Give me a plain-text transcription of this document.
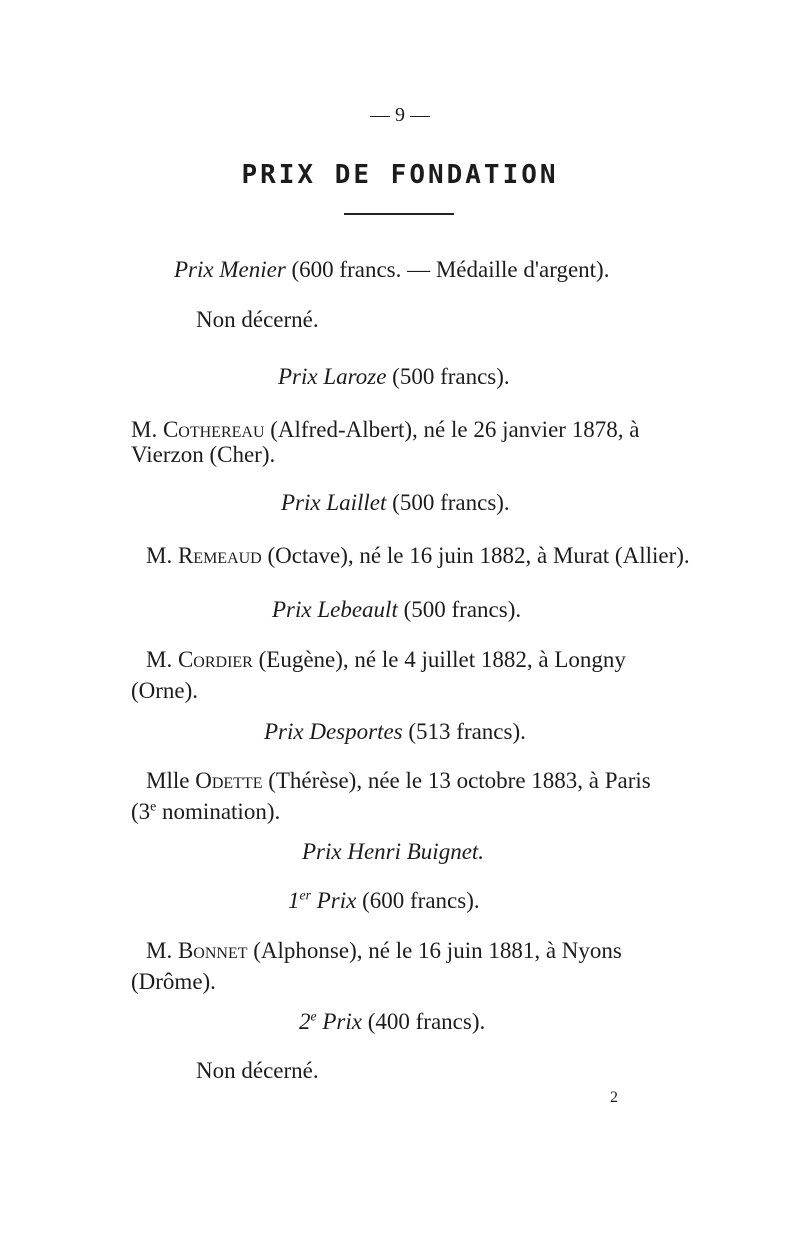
— 9 —
PRIX DE FONDATION
Prix Menier (600 francs. — Médaille d'argent).
Non décerné.
Prix Laroze (500 francs).
M. Cothereau (Alfred-Albert), né le 26 janvier 1878, à
Vierzon (Cher).
Prix Laillet (500 francs).
M. Remeaud (Octave), né le 16 juin 1882, à Murat (Allier).
Prix Lebeault (500 francs).
M. Cordier (Eugène), né le 4 juillet 1882, à Longny
(Orne).
Prix Desportes (513 francs).
Mlle Odette (Thérèse), née le 13 octobre 1883, à Paris
(3e nomination).
Prix Henri Buignet.
1er Prix (600 francs).
M. Bonnet (Alphonse), né le 16 juin 1881, à Nyons
(Drôme).
2e Prix (400 francs).
Non décerné.
2
